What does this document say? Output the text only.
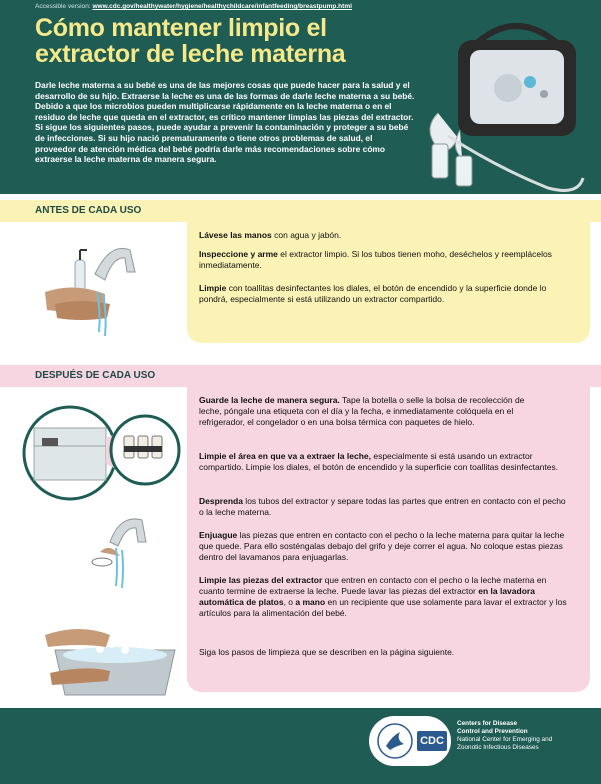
Accessible version: www.cdc.gov/healthywater/hygiene/healthychildcare/infantfeeding/breastpump.html
Cómo mantener limpio el
extractor de leche materna
Darle leche materna a su bebé es una de las mejores cosas que puede hacer para la salud y el desarrollo de su hijo. Extraerse la leche es una de las formas de darle leche materna a su bebé. Debido a que los microbios pueden multiplicarse rápidamente en la leche materna o en el residuo de leche que queda en el extractor, es crítico mantener limpias las piezas del extractor. Si sigue los siguientes pasos, puede ayudar a prevenir la contaminación y proteger a su bebé de infecciones. Si su hijo nació prematuramente o tiene otros problemas de salud, el proveedor de atención médica del bebé podría darle más recomendaciones sobre cómo extraerse la leche materna de manera segura.
ANTES DE CADA USO
Lávese las manos con agua y jabón.
Inspeccione y arme el extractor limpio. Si los tubos tienen moho, deséchelos y reemplácelos inmediatamente.
Limpie con toallitas desinfectantes los diales, el botón de encendido y la superficie donde lo pondrá, especialmente si está utilizando un extractor compartido.
DESPUÉS DE CADA USO
Guarde la leche de manera segura. Tape la botella o selle la bolsa de recolección de leche, póngale una etiqueta con el día y la fecha, e inmediatamente colóquela en el refrigerador, el congelador o en una bolsa térmica con paquetes de hielo.
Limpie el área en que va a extraer la leche, especialmente si está usando un extractor compartido. Limpie los diales, el botón de encendido y la superficie con toallitas desinfectantes.
Desprenda los tubos del extractor y separe todas las partes que entren en contacto con el pecho o la leche materna.
Enjuague las piezas que entren en contacto con el pecho o la leche materna para quitar la leche que quede. Para ello sosténgalas debajo del grifo y deje correr el agua. No coloque estas piezas dentro del lavamanos para enjuagarlas.
Limpie las piezas del extractor que entren en contacto con el pecho o la leche materna en cuanto termine de extraerse la leche. Puede lavar las piezas del extractor en la lavadora automática de platos, o a mano en un recipiente que use solamente para lavar el extractor y los artículos para la alimentación del bebé.
Siga los pasos de limpieza que se describen en la página siguiente.
CDC
Centers for Disease
Control and Prevention
National Center for Emerging and
Zoonotic Infectious Diseases
